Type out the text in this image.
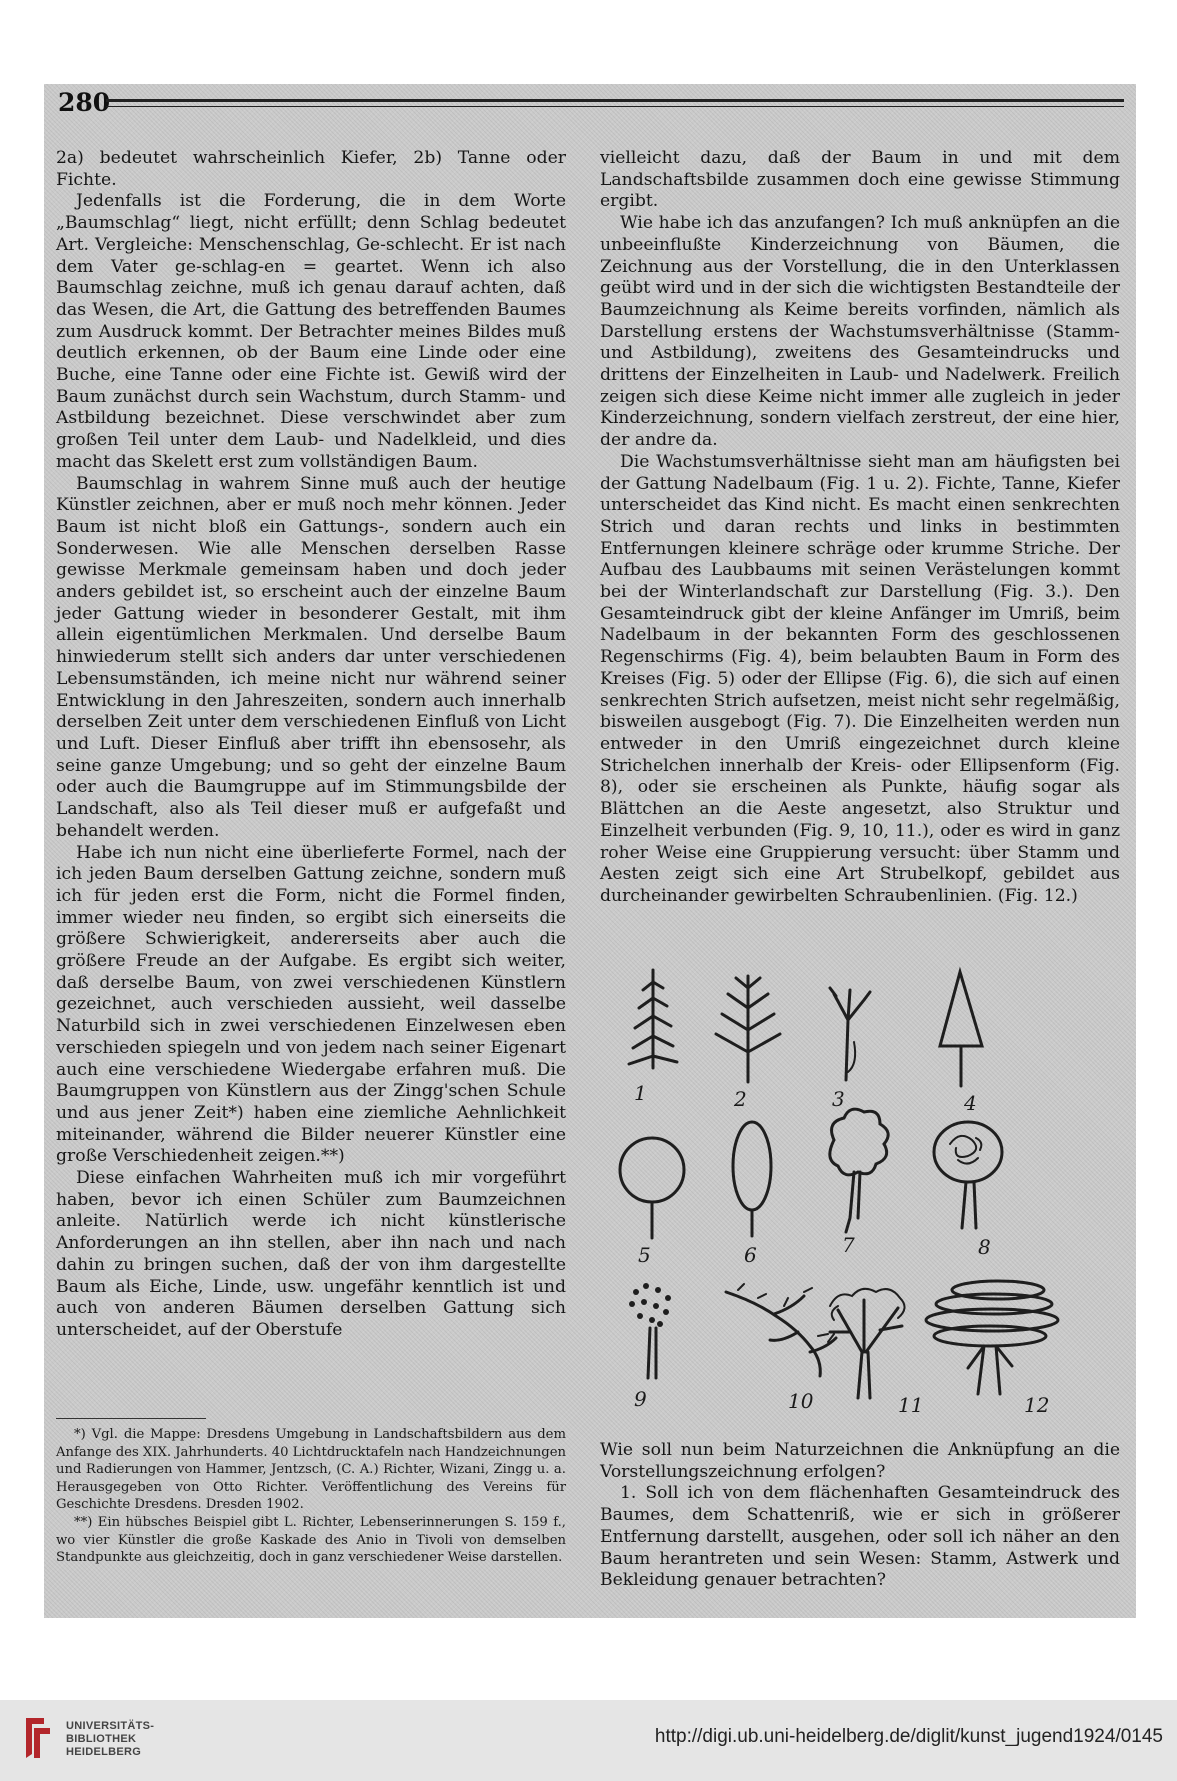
280

2a) bedeutet wahrscheinlich Kiefer, 2b) Tanne oder Fichte.

Jedenfalls ist die Forderung, die in dem Worte „Baumschlag“ liegt, nicht erfüllt; denn Schlag bedeutet Art. Vergleiche: Menschenschlag, Ge-schlecht. Er ist nach dem Vater ge-schlag-en = geartet. Wenn ich also Baumschlag zeichne, muß ich genau darauf achten, daß das Wesen, die Art, die Gattung des betreffenden Baumes zum Ausdruck kommt. Der Betrachter meines Bildes muß deutlich erkennen, ob der Baum eine Linde oder eine Buche, eine Tanne oder eine Fichte ist. Gewiß wird der Baum zunächst durch sein Wachstum, durch Stamm- und Astbildung bezeichnet. Diese verschwindet aber zum großen Teil unter dem Laub- und Nadelkleid, und dies macht das Skelett erst zum vollständigen Baum.

Baumschlag in wahrem Sinne muß auch der heutige Künstler zeichnen, aber er muß noch mehr können. Jeder Baum ist nicht bloß ein Gattungs-, sondern auch ein Sonderwesen. Wie alle Menschen derselben Rasse gewisse Merkmale gemeinsam haben und doch jeder anders gebildet ist, so erscheint auch der einzelne Baum jeder Gattung wieder in besonderer Gestalt, mit ihm allein eigentümlichen Merkmalen. Und derselbe Baum hinwiederum stellt sich anders dar unter verschiedenen Lebensumständen, ich meine nicht nur während seiner Entwicklung in den Jahreszeiten, sondern auch innerhalb derselben Zeit unter dem verschiedenen Einfluß von Licht und Luft. Dieser Einfluß aber trifft ihn ebensosehr, als seine ganze Umgebung; und so geht der einzelne Baum oder auch die Baumgruppe auf im Stimmungsbilde der Landschaft, also als Teil dieser muß er aufgefaßt und behandelt werden.

Habe ich nun nicht eine überlieferte Formel, nach der ich jeden Baum derselben Gattung zeichne, sondern muß ich für jeden erst die Form, nicht die Formel finden, immer wieder neu finden, so ergibt sich einerseits die größere Schwierigkeit, andererseits aber auch die größere Freude an der Aufgabe. Es ergibt sich weiter, daß derselbe Baum, von zwei verschiedenen Künstlern gezeichnet, auch verschieden aussieht, weil dasselbe Naturbild sich in zwei verschiedenen Einzelwesen eben verschieden spiegeln und von jedem nach seiner Eigenart auch eine verschiedene Wiedergabe erfahren muß. Die Baumgruppen von Künstlern aus der Zingg'schen Schule und aus jener Zeit*) haben eine ziemliche Aehnlichkeit miteinander, während die Bilder neuerer Künstler eine große Verschiedenheit zeigen.**)

Diese einfachen Wahrheiten muß ich mir vorgeführt haben, bevor ich einen Schüler zum Baumzeichnen anleite. Natürlich werde ich nicht künstlerische Anforderungen an ihn stellen, aber ihn nach und nach dahin zu bringen suchen, daß der von ihm dargestellte Baum als Eiche, Linde, usw. ungefähr kenntlich ist und auch von anderen Bäumen derselben Gattung sich unterscheidet, auf der Oberstufe

*) Vgl. die Mappe: Dresdens Umgebung in Landschaftsbildern aus dem Anfange des XIX. Jahrhunderts. 40 Lichtdrucktafeln nach Handzeichnungen und Radierungen von Hammer, Jentzsch, (C. A.) Richter, Wizani, Zingg u. a. Herausgegeben von Otto Richter. Veröffentlichung des Vereins für Geschichte Dresdens. Dresden 1902.

**) Ein hübsches Beispiel gibt L. Richter, Lebenserinnerungen S. 159 f., wo vier Künstler die große Kaskade des Anio in Tivoli von demselben Standpunkte aus gleichzeitig, doch in ganz verschiedener Weise darstellen.

vielleicht dazu, daß der Baum in und mit dem Landschaftsbilde zusammen doch eine gewisse Stimmung ergibt.

Wie habe ich das anzufangen? Ich muß anknüpfen an die unbeeinflußte Kinderzeichnung von Bäumen, die Zeichnung aus der Vorstellung, die in den Unterklassen geübt wird und in der sich die wichtigsten Bestandteile der Baumzeichnung als Keime bereits vorfinden, nämlich als Darstellung erstens der Wachstumsverhältnisse (Stamm- und Astbildung), zweitens des Gesamteindrucks und drittens der Einzelheiten in Laub- und Nadelwerk. Freilich zeigen sich diese Keime nicht immer alle zugleich in jeder Kinderzeichnung, sondern vielfach zerstreut, der eine hier, der andre da.

Die Wachstumsverhältnisse sieht man am häufigsten bei der Gattung Nadelbaum (Fig. 1 u. 2). Fichte, Tanne, Kiefer unterscheidet das Kind nicht. Es macht einen senkrechten Strich und daran rechts und links in bestimmten Entfernungen kleinere schräge oder krumme Striche. Der Aufbau des Laubbaums mit seinen Verästelungen kommt bei der Winterlandschaft zur Darstellung (Fig. 3.). Den Gesamteindruck gibt der kleine Anfänger im Umriß, beim Nadelbaum in der bekannten Form des geschlossenen Regenschirms (Fig. 4), beim belaubten Baum in Form des Kreises (Fig. 5) oder der Ellipse (Fig. 6), die sich auf einen senkrechten Strich aufsetzen, meist nicht sehr regelmäßig, bisweilen ausgebogt (Fig. 7). Die Einzelheiten werden nun entweder in den Umriß eingezeichnet durch kleine Strichelchen innerhalb der Kreis- oder Ellipsenform (Fig. 8), oder sie erscheinen als Punkte, häufig sogar als Blättchen an die Aeste angesetzt, also Struktur und Einzelheit verbunden (Fig. 9, 10, 11.), oder es wird in ganz roher Weise eine Gruppierung versucht: über Stamm und Aesten zeigt sich eine Art Strubelkopf, gebildet aus durcheinander gewirbelten Schraubenlinien. (Fig. 12.)

1	2	3	4
5	6	7	8
9	10	11	12

Wie soll nun beim Naturzeichnen die Anknüpfung an die Vorstellungszeichnung erfolgen?

1. Soll ich von dem flächenhaften Gesamteindruck des Baumes, dem Schattenriß, wie er sich in größerer Entfernung darstellt, ausgehen, oder soll ich näher an den Baum herantreten und sein Wesen: Stamm, Astwerk und Bekleidung genauer betrachten?

UNIVERSITÄTS-
BIBLIOTHEK
HEIDELBERG
http://digi.ub.uni-heidelberg.de/diglit/kunst_jugend1924/0145
